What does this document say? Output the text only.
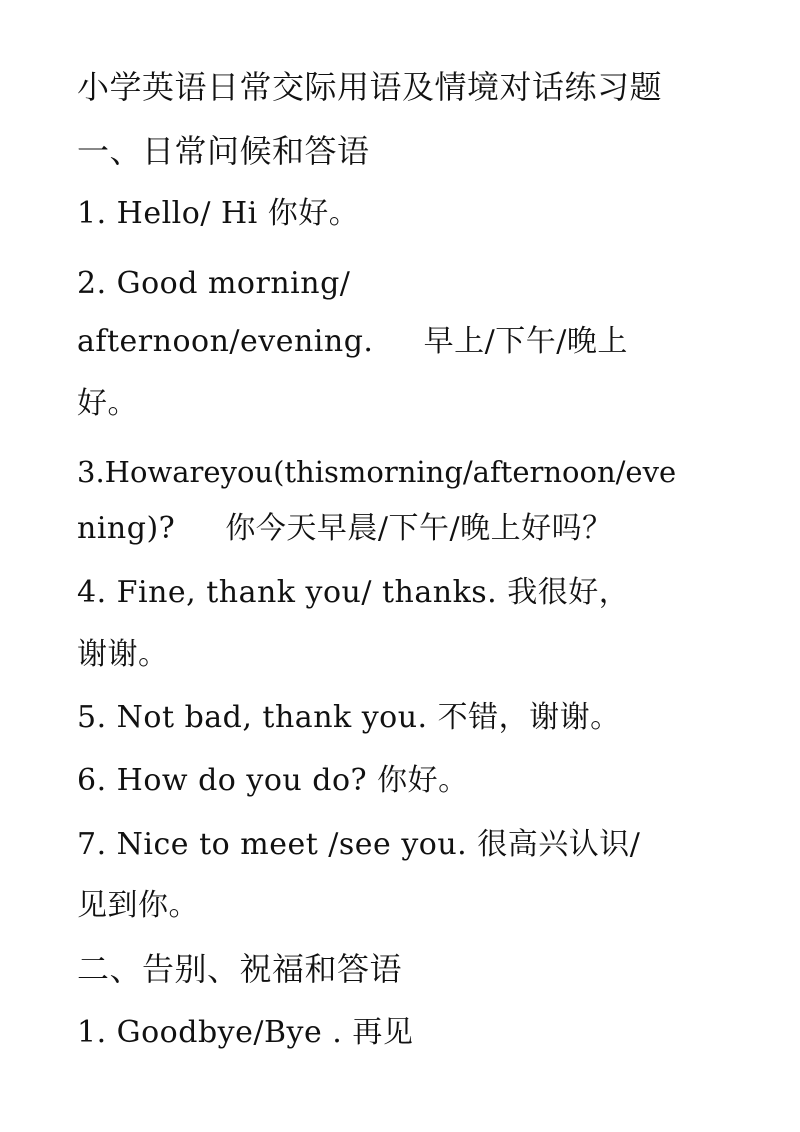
小学英语日常交际用语及情境对话练习题
一、日常问候和答语
1. Hello/ Hi 你好。
2. Good morning/
afternoon/evening.     早上/下午/晚上
好。
3.Howareyou(thismorning/afternoon/eve
ning)?     你今天早晨/下午/晚上好吗？
4. Fine, thank you/ thanks. 我很好，
谢谢。
5. Not bad, thank you. 不错，谢谢。
6. How do you do? 你好。
7. Nice to meet /see you. 很高兴认识/
见到你。
二、告别、祝福和答语
1. Goodbye/Bye . 再见
